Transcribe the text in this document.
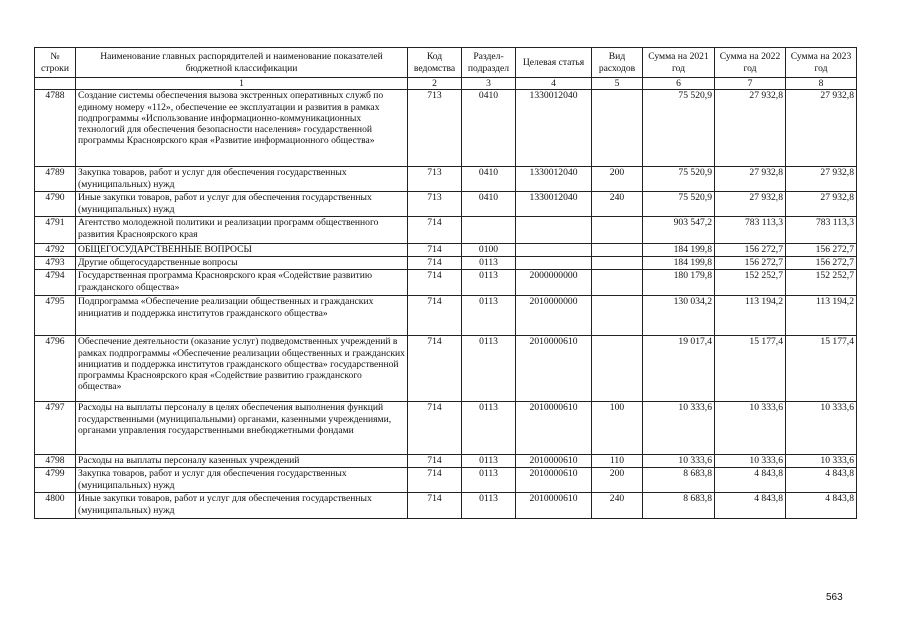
№ строки	Наименование главных распорядителей и наименование показателей бюджетной классификации	Код ведомства	Раздел-подраздел	Целевая статья	Вид расходов	Сумма на 2021 год	Сумма на 2022 год	Сумма на 2023 год
	1	2	3	4	5	6	7	8
4788	Создание системы обеспечения вызова экстренных оперативных служб по единому номеру «112», обеспечение ее эксплуатации и развития в рамках подпрограммы «Использование информационно-коммуникационных технологий для обеспечения безопасности населения» государственной программы Красноярского края «Развитие информационного общества»	713	0410	1330012040		75 520,9	27 932,8	27 932,8
4789	Закупка товаров, работ и услуг для обеспечения государственных (муниципальных) нужд	713	0410	1330012040	200	75 520,9	27 932,8	27 932,8
4790	Иные закупки товаров, работ и услуг для обеспечения государственных (муниципальных) нужд	713	0410	1330012040	240	75 520,9	27 932,8	27 932,8
4791	Агентство молодежной политики и реализации программ общественного развития Красноярского края	714				903 547,2	783 113,3	783 113,3
4792	ОБЩЕГОСУДАРСТВЕННЫЕ ВОПРОСЫ	714	0100			184 199,8	156 272,7	156 272,7
4793	Другие общегосударственные вопросы	714	0113			184 199,8	156 272,7	156 272,7
4794	Государственная программа Красноярского края «Содействие развитию гражданского общества»	714	0113	2000000000		180 179,8	152 252,7	152 252,7
4795	Подпрограмма «Обеспечение реализации общественных и гражданских инициатив и поддержка институтов гражданского общества»	714	0113	2010000000		130 034,2	113 194,2	113 194,2
4796	Обеспечение деятельности (оказание услуг) подведомственных учреждений в рамках подпрограммы «Обеспечение реализации общественных и гражданских инициатив и поддержка институтов гражданского общества» государственной программы Красноярского края «Содействие развитию гражданского общества»	714	0113	2010000610		19 017,4	15 177,4	15 177,4
4797	Расходы на выплаты персоналу в целях обеспечения выполнения функций государственными (муниципальными) органами, казенными учреждениями, органами управления государственными внебюджетными фондами	714	0113	2010000610	100	10 333,6	10 333,6	10 333,6
4798	Расходы на выплаты персоналу казенных учреждений	714	0113	2010000610	110	10 333,6	10 333,6	10 333,6
4799	Закупка товаров, работ и услуг для обеспечения государственных (муниципальных) нужд	714	0113	2010000610	200	8 683,8	4 843,8	4 843,8
4800	Иные закупки товаров, работ и услуг для обеспечения государственных (муниципальных) нужд	714	0113	2010000610	240	8 683,8	4 843,8	4 843,8
563
